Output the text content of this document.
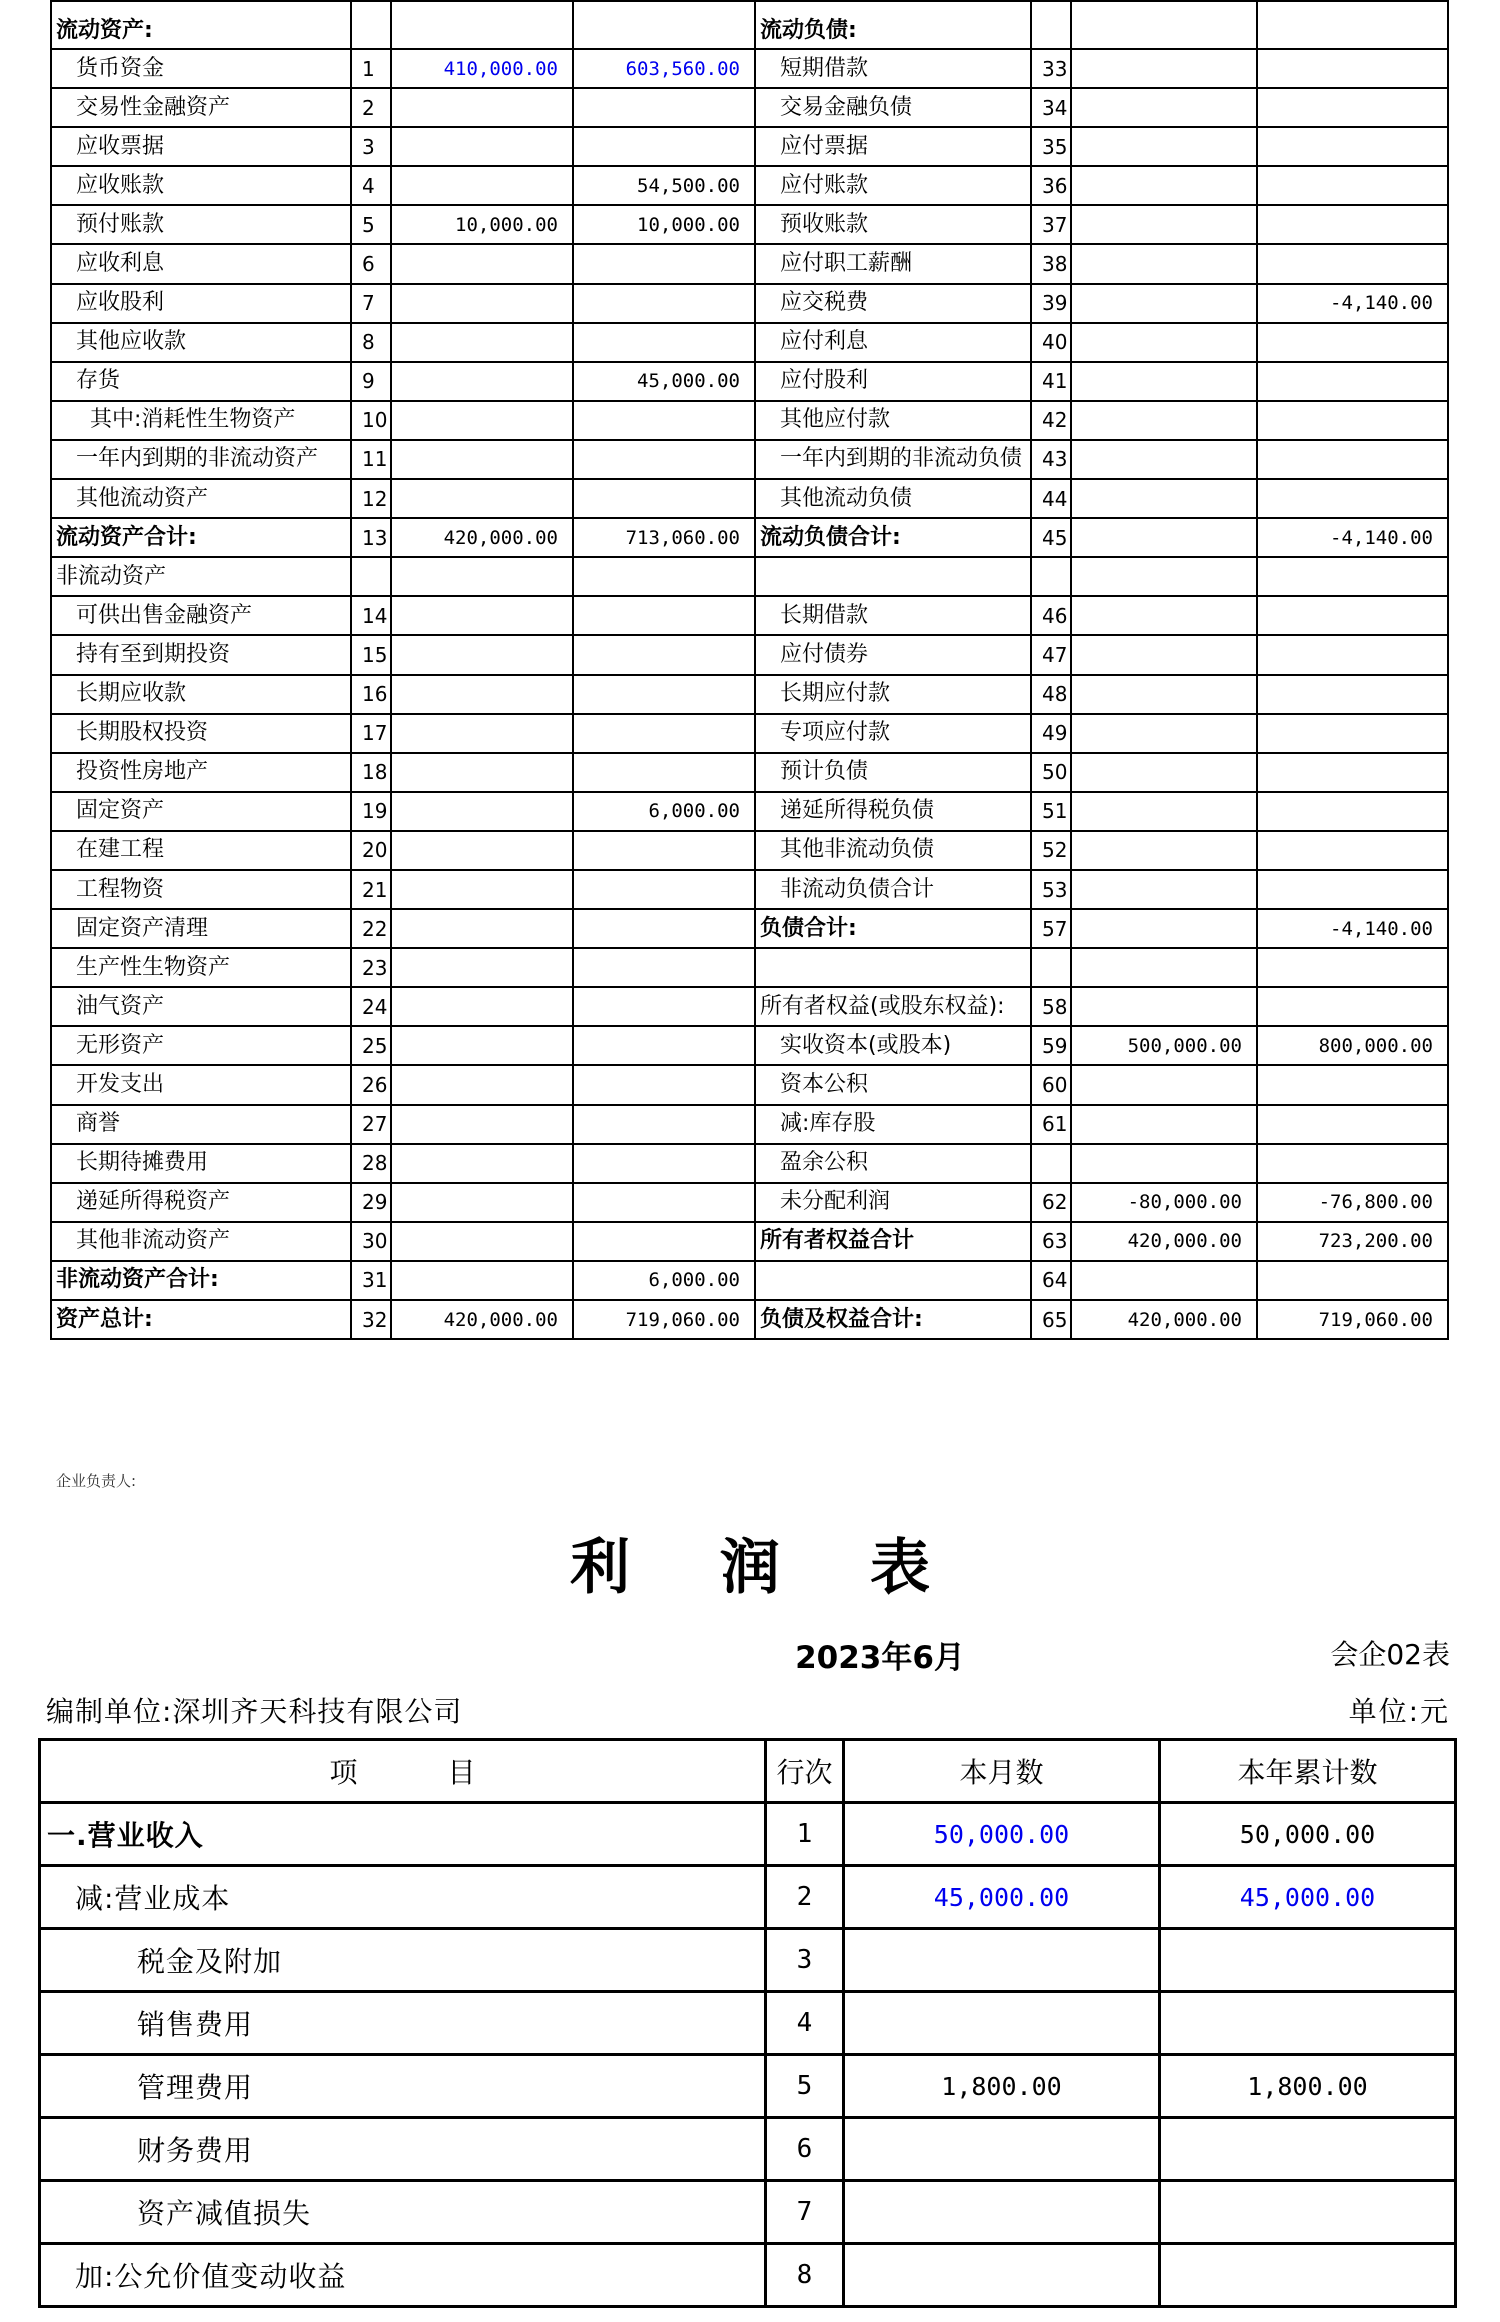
流动资产:				流动负债:			
货币资金	1	410,000.00	603,560.00	短期借款	33		
交易性金融资产	2			交易金融负债	34		
应收票据	3			应付票据	35		
应收账款	4		54,500.00	应付账款	36		
预付账款	5	10,000.00	10,000.00	预收账款	37		
应收利息	6			应付职工薪酬	38		
应收股利	7			应交税费	39		-4,140.00
其他应收款	8			应付利息	40		
存货	9		45,000.00	应付股利	41		
其中:消耗性生物资产	10			其他应付款	42		
一年内到期的非流动资产	11			一年内到期的非流动负债	43		
其他流动资产	12			其他流动负债	44		
流动资产合计:	13	420,000.00	713,060.00	流动负债合计:	45		-4,140.00
非流动资产							
可供出售金融资产	14			长期借款	46		
持有至到期投资	15			应付债券	47		
长期应收款	16			长期应付款	48		
长期股权投资	17			专项应付款	49		
投资性房地产	18			预计负债	50		
固定资产	19		6,000.00	递延所得税负债	51		
在建工程	20			其他非流动负债	52		
工程物资	21			非流动负债合计	53		
固定资产清理	22			负债合计:	57		-4,140.00
生产性生物资产	23						
油气资产	24			所有者权益(或股东权益):	58		
无形资产	25			实收资本(或股本)	59	500,000.00	800,000.00
开发支出	26			资本公积	60		
商誉	27			减:库存股	61		
长期待摊费用	28			盈余公积			
递延所得税资产	29			未分配利润	62	-80,000.00	-76,800.00
其他非流动资产	30			所有者权益合计	63	420,000.00	723,200.00
非流动资产合计:	31		6,000.00		64		
资产总计:	32	420,000.00	719,060.00	负债及权益合计:	65	420,000.00	719,060.00
企业负责人:
利润表
2023年6月	会企02表
编制单位:深圳齐天科技有限公司	单位:元
项目	行次	本月数	本年累计数
一.营业收入	1	50,000.00	50,000.00
减:营业成本	2	45,000.00	45,000.00
税金及附加	3		
销售费用	4		
管理费用	5	1,800.00	1,800.00
财务费用	6		
资产减值损失	7		
加:公允价值变动收益	8		
